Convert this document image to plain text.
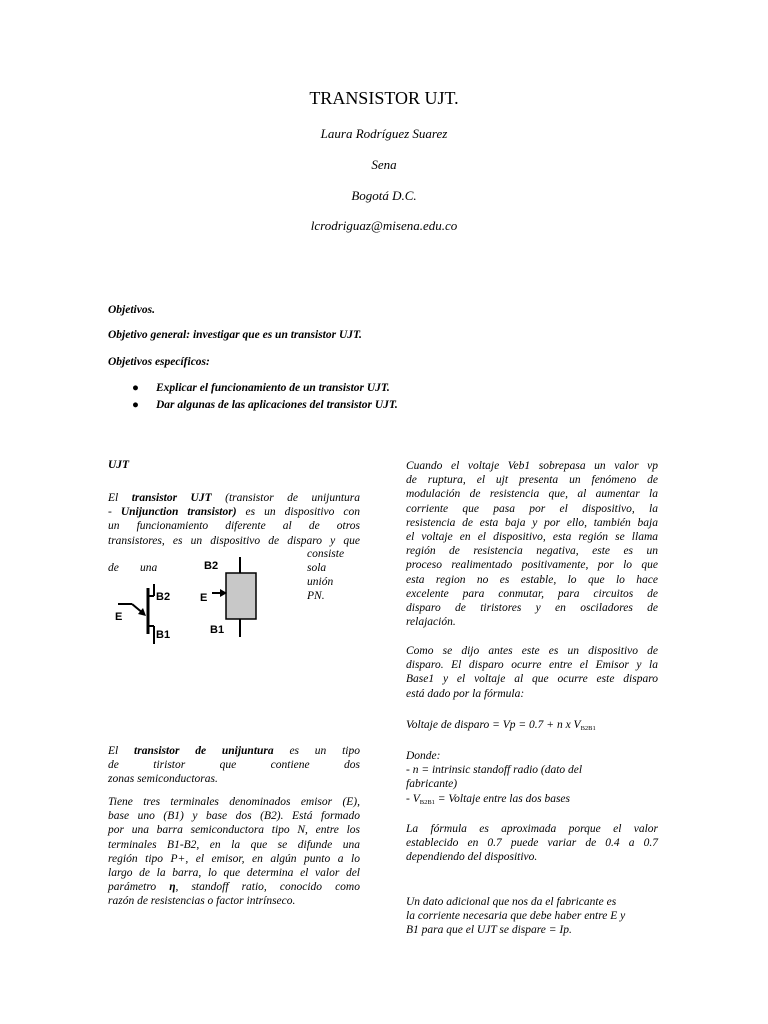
TRANSISTOR UJT.
Laura Rodríguez Suarez
Sena
Bogotá D.C.
lcrodriguaz@misena.edu.co
Objetivos.
Objetivo general: investigar que es un transistor UJT.
Objetivos específicos:
● Explicar el funcionamiento de un transistor UJT.
● Dar algunas de las aplicaciones del transistor UJT.
UJT
El transistor UJT (transistor de unijuntura
- Unijunction transistor) es un dispositivo con
un funcionamiento diferente al de otros
transistores, es un dispositivo de disparo y que
consiste
de una	sola
unión
PN.
B2
B1
E
B2
E
B1
El transistor de unijuntura es un tipo
de tiristor que	contiene	dos
zonas semiconductoras.
Tiene tres terminales denominados emisor (E),
base uno (B1) y base dos (B2). Está formado
por una barra semiconductora tipo N, entre los
terminales B1-B2, en la que se difunde una
región tipo P+, el emisor, en algún punto a lo
largo de la barra, lo que determina el valor del
parámetro η, standoff ratio, conocido como
razón de resistencias o factor intrínseco.
Cuando el voltaje Veb1 sobrepasa un valor vp
de ruptura, el ujt presenta un fenómeno de
modulación de resistencia que, al aumentar la
corriente que pasa por el dispositivo, la
resistencia de esta baja y por ello, también baja
el voltaje en el dispositivo, esta región se llama
región de resistencia negativa, este es un
proceso realimentado positivamente, por lo que
esta region no es estable, lo que lo hace
excelente para conmutar, para circuitos de
disparo de tiristores y en osciladores de
relajación.
Como se dijo antes este es un dispositivo de
disparo. El disparo ocurre entre el Emisor y la
Base1 y el voltaje al que ocurre este disparo
está dado por la fórmula:
Voltaje de disparo = Vp = 0.7 + n x $V_{B2B1}$
Donde:
- n = intrinsic standoff radio (dato del
fabricante)
- $V_{B2B1}$ = Voltaje entre las dos bases
La fórmula es aproximada porque el valor
establecido en 0.7 puede variar de 0.4 a 0.7
dependiendo del dispositivo.
Un dato adicional que nos da el fabricante es
la corriente necesaria que debe haber entre E y
B1 para que el UJT se dispare = Ip.
